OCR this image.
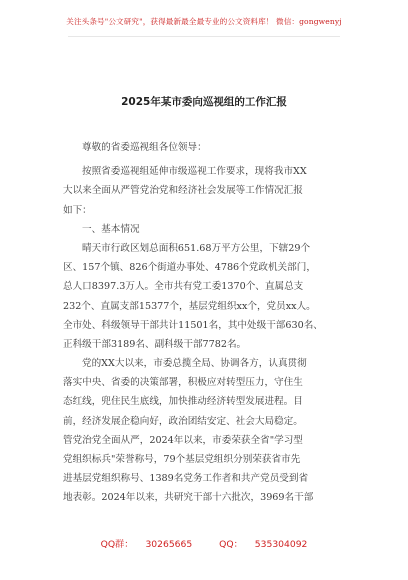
关注头条号"公文研究"，获得最新最全最专业的公文资料库！ 微信：gongwenyj
2025年某市委向巡视组的工作汇报
尊敬的省委巡视组各位领导：
按照省委巡视组延伸市级巡视工作要求，现将我市XX
大以来全面从严管党治党和经济社会发展等工作情况汇报
如下：
一、基本情况
晴天市行政区划总面积651.68万平方公里，下辖29个
区、157个镇、826个街道办事处、4786个党政机关部门，
总人口8397.3万人。全市共有党工委1370个、直属总支
232个、直属支部15377个，基层党组织xx个，党员xx人。
全市处、科级领导干部共计11501名，其中处级干部630名、
正科级干部3189名、副科级干部7782名。
党的XX大以来，市委总揽全局、协调各方，认真贯彻
落实中央、省委的决策部署，积极应对转型压力，守住生
态红线，兜住民生底线，加快推动经济转型发展进程。目
前，经济发展企稳向好，政治团结安定、社会大局稳定。
管党治党全面从严，2024年以来，市委荣获全省"学习型
党组织标兵"荣誉称号，79个基层党组织分别荣获省市先
进基层党组织称号、1389名党务工作者和共产党员受到省
地表彰。2024年以来，共研究干部十六批次，3969名干部
QQ群： 30265665	QQ： 535304092
